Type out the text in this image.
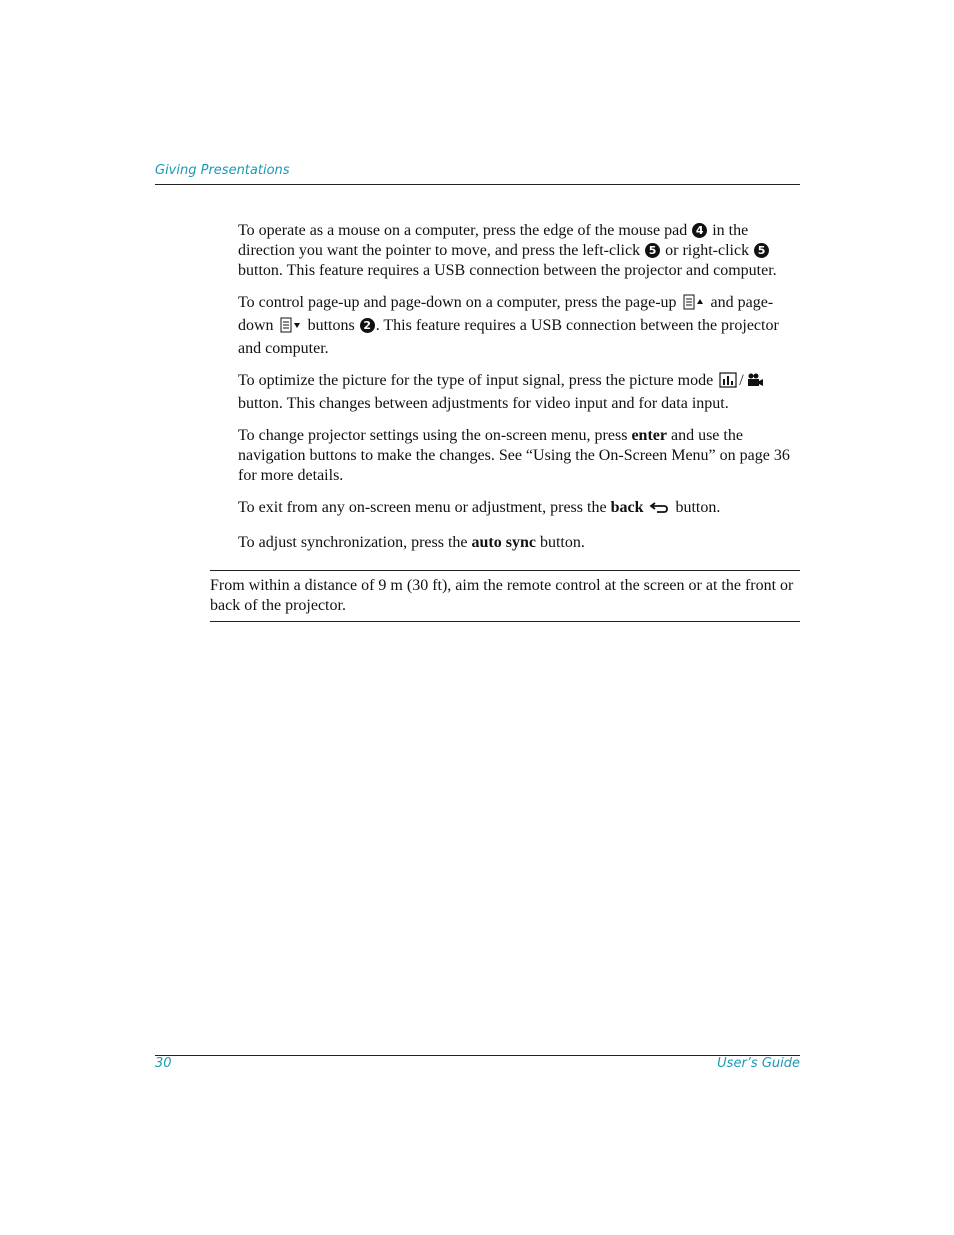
Giving Presentations

To operate as a mouse on a computer, press the edge of the mouse pad 4 in the direction you want the pointer to move, and press the left-click 5 or right-click 5 button. This feature requires a USB connection between the projector and computer.

To control page-up and page-down on a computer, press the page-up and page-down buttons 2 . This feature requires a USB connection between the projector and computer.

To optimize the picture for the type of input signal, press the picture mode / button. This changes between adjustments for video input and for data input.

To change projector settings using the on-screen menu, press enter and use the navigation buttons to make the changes. See “Using the On-Screen Menu” on page 36 for more details.

To exit from any on-screen menu or adjustment, press the back button.

To adjust synchronization, press the auto sync button.

From within a distance of 9 m (30 ft), aim the remote control at the screen or at the front or back of the projector.
30	User’s Guide
